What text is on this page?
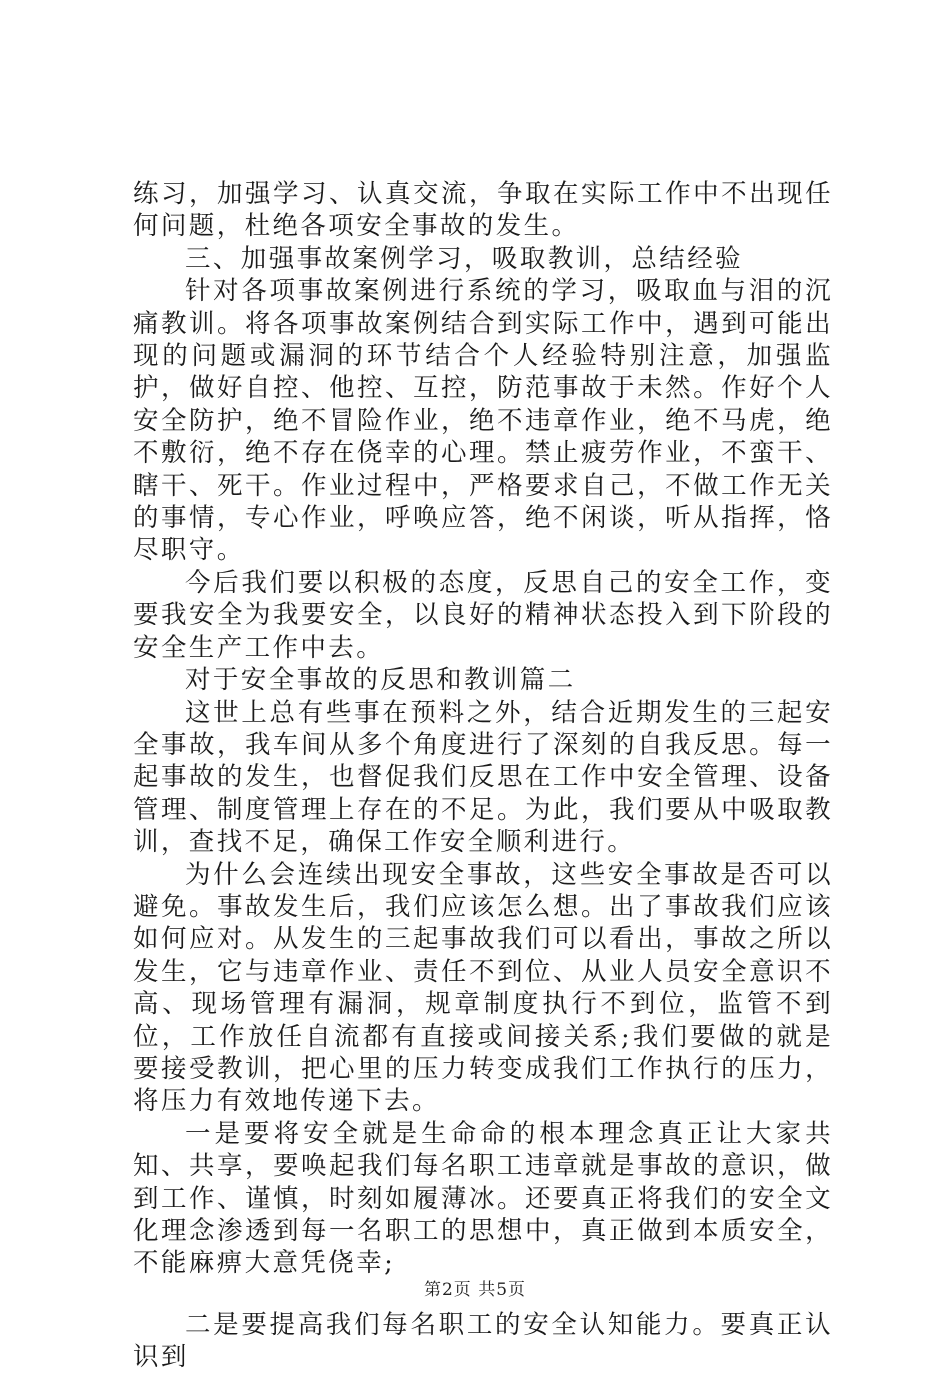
练习，加强学习、认真交流，争取在实际工作中不出现任何问题，杜绝各项安全事故的发生。

三、加强事故案例学习，吸取教训，总结经验

针对各项事故案例进行系统的学习，吸取血与泪的沉痛教训。将各项事故案例结合到实际工作中，遇到可能出现的问题或漏洞的环节结合个人经验特别注意，加强监护，做好自控、他控、互控，防范事故于未然。作好个人安全防护，绝不冒险作业，绝不违章作业，绝不马虎，绝不敷衍，绝不存在侥幸的心理。禁止疲劳作业，不蛮干、瞎干、死干。作业过程中，严格要求自己，不做工作无关的事情，专心作业，呼唤应答，绝不闲谈，听从指挥，恪尽职守。

今后我们要以积极的态度，反思自己的安全工作，变要我安全为我要安全，以良好的精神状态投入到下阶段的安全生产工作中去。

对于安全事故的反思和教训篇二

这世上总有些事在预料之外，结合近期发生的三起安全事故，我车间从多个角度进行了深刻的自我反思。每一起事故的发生，也督促我们反思在工作中安全管理、设备管理、制度管理上存在的不足。为此，我们要从中吸取教训，查找不足，确保工作安全顺利进行。

为什么会连续出现安全事故，这些安全事故是否可以避免。事故发生后，我们应该怎么想。出了事故我们应该如何应对。从发生的三起事故我们可以看出，事故之所以发生，它与违章作业、责任不到位、从业人员安全意识不高、现场管理有漏洞，规章制度执行不到位，监管不到位，工作放任自流都有直接或间接关系;我们要做的就是要接受教训，把心里的压力转变成我们工作执行的压力，将压力有效地传递下去。

一是要将安全就是生命命的根本理念真正让大家共知、共享，要唤起我们每名职工违章就是事故的意识，做到工作、谨慎，时刻如履薄冰。还要真正将我们的安全文化理念渗透到每一名职工的思想中，真正做到本质安全，不能麻痹大意凭侥幸;

二是要提高我们每名职工的安全认知能力。要真正认识到

第2页 共5页
